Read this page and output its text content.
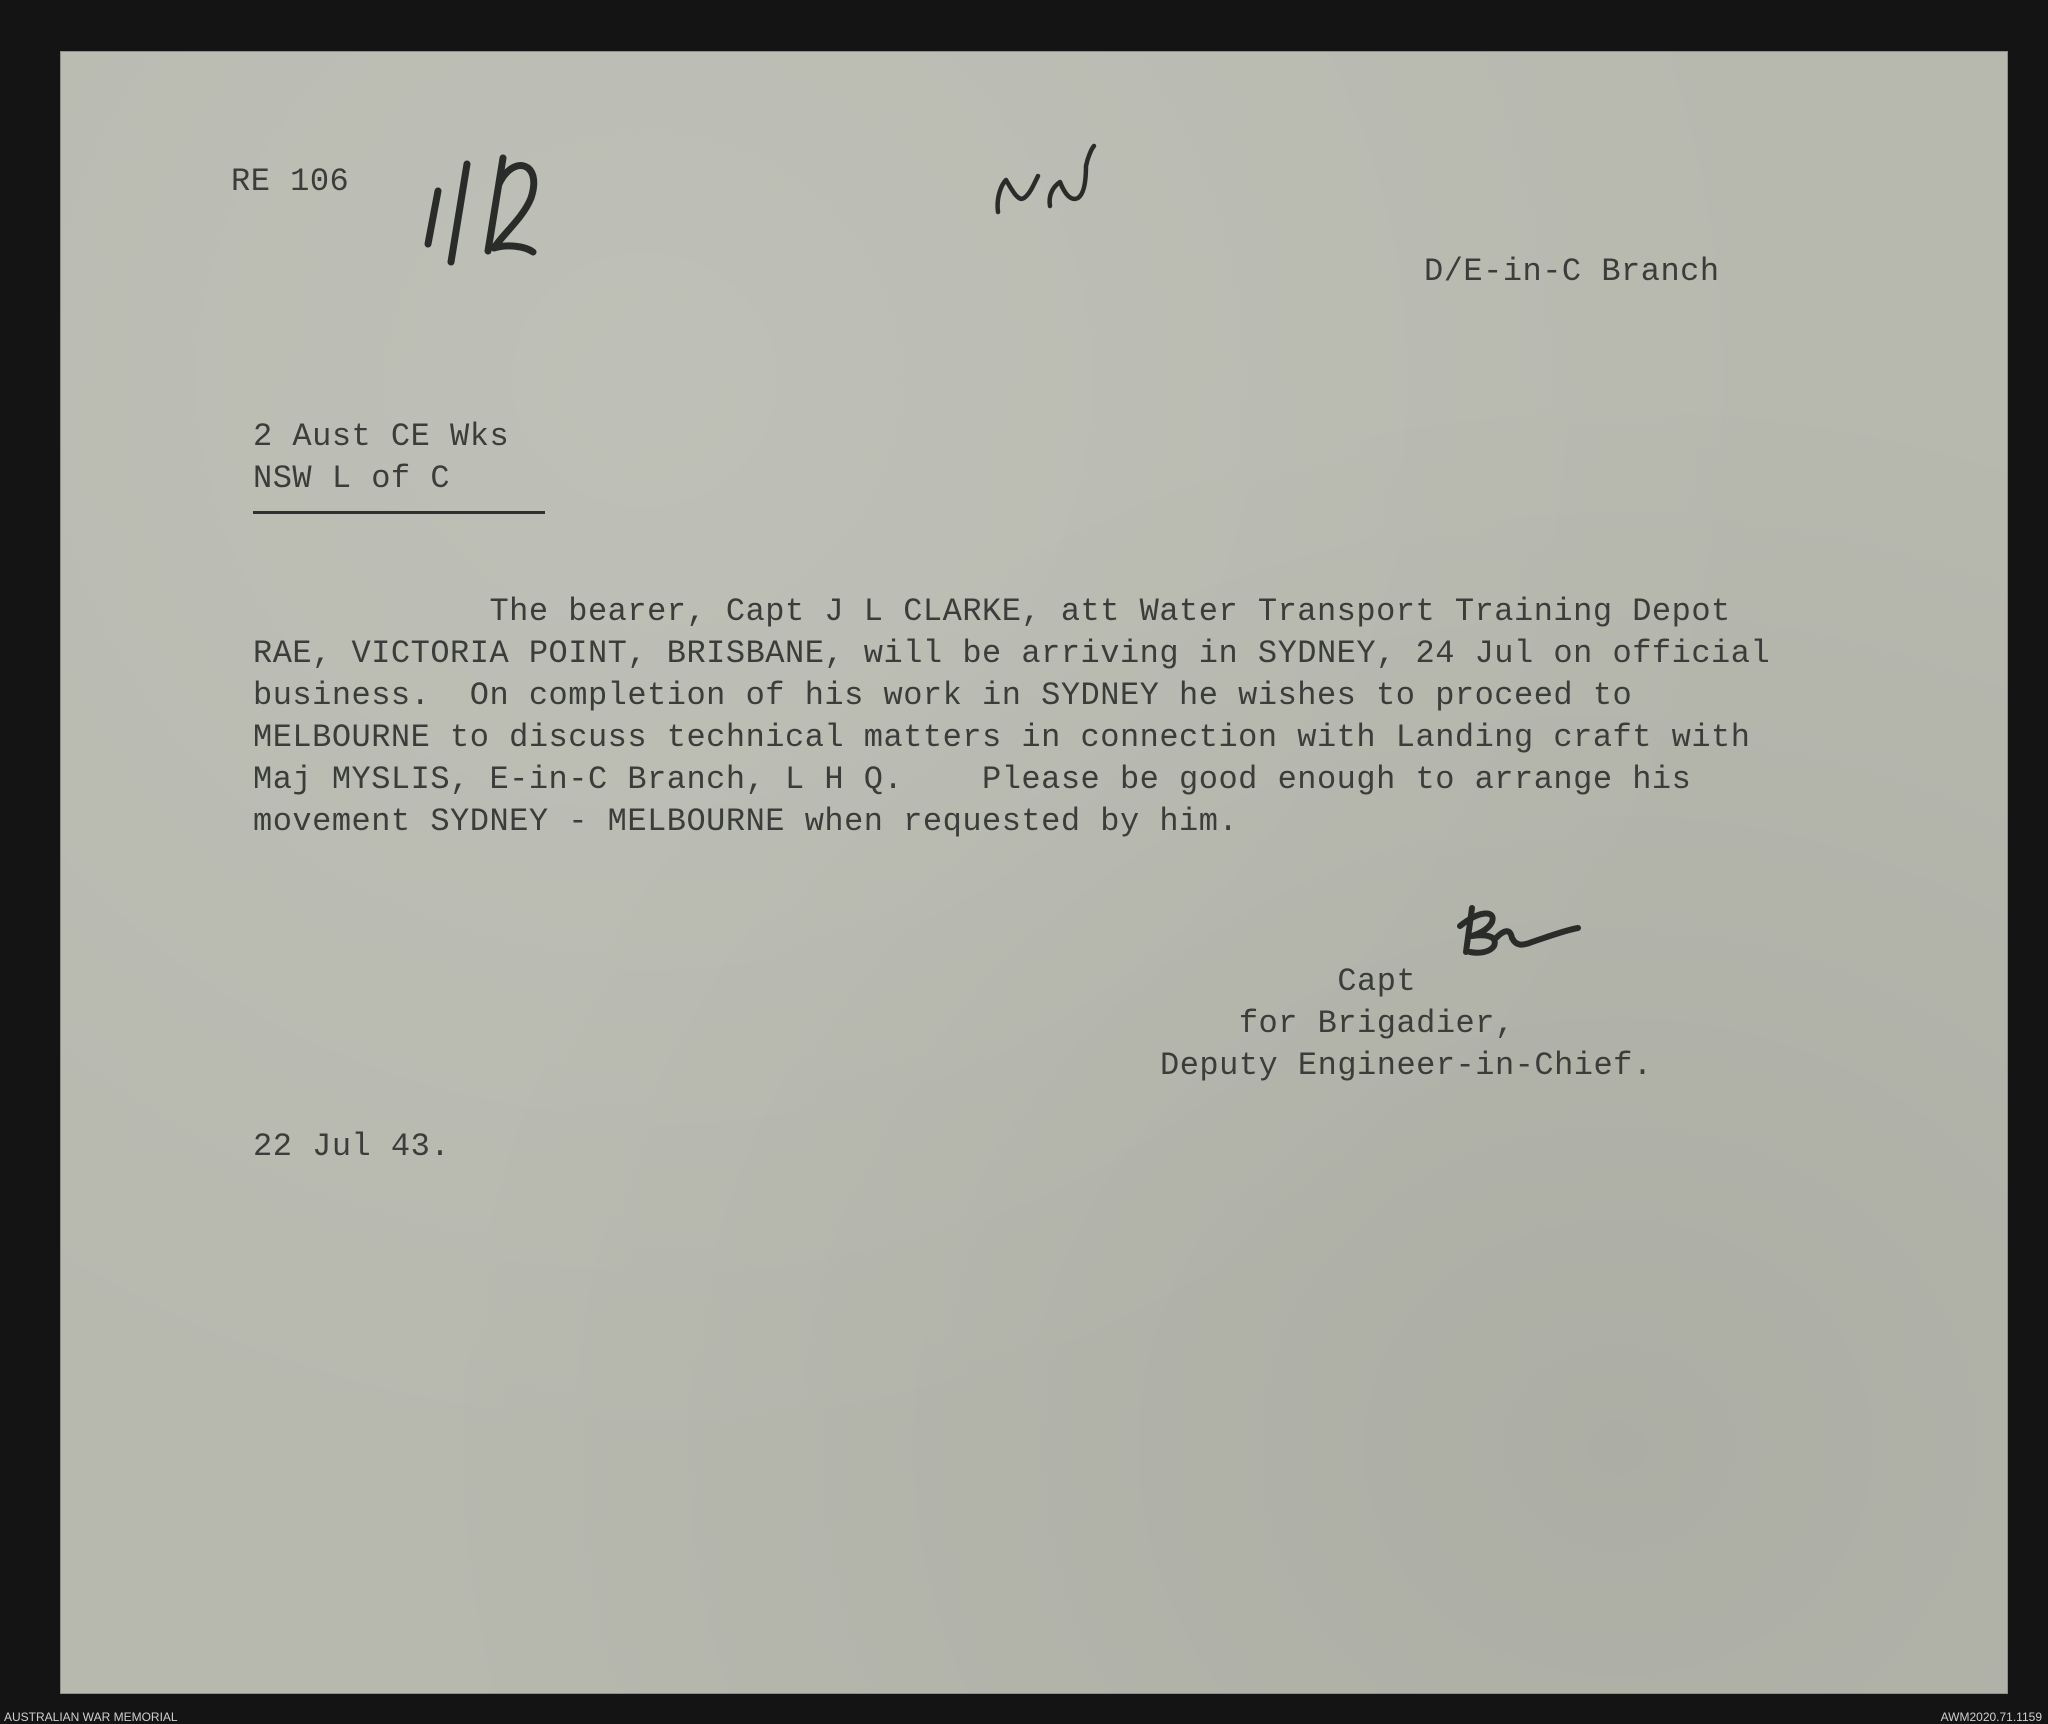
RE 106
11/2
D/E-in-C Branch
2 Aust CE Wks
NSW L of C
The bearer, Capt J L CLARKE, att Water Transport Training Depot
RAE, VICTORIA POINT, BRISBANE, will be arriving in SYDNEY, 24 Jul on official
business.  On completion of his work in SYDNEY he wishes to proceed to
MELBOURNE to discuss technical matters in connection with Landing craft with
Maj MYSLIS, E-in-C Branch, L H Q.    Please be good enough to arrange his
movement SYDNEY - MELBOURNE when requested by him.
Capt
for Brigadier,
Deputy Engineer-in-Chief.
22 Jul 43.
AUSTRALIAN WAR MEMORIAL	AWM2020.71.1159
